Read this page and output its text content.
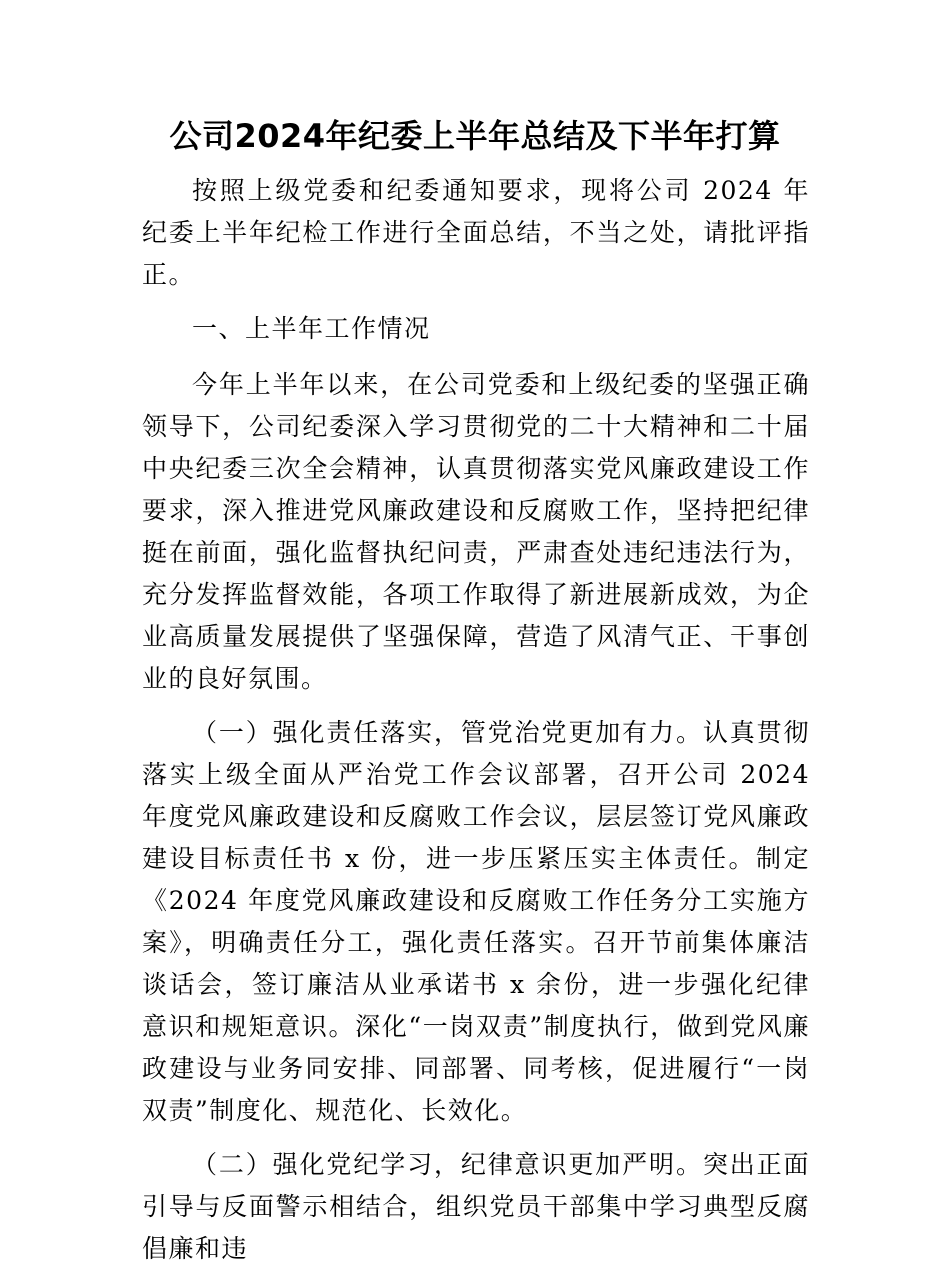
公司2024年纪委上半年总结及下半年打算

按照上级党委和纪委通知要求，现将公司 2024 年纪委上半年纪检工作进行全面总结，不当之处，请批评指正。

一、上半年工作情况

今年上半年以来，在公司党委和上级纪委的坚强正确领导下，公司纪委深入学习贯彻党的二十大精神和二十届中央纪委三次全会精神，认真贯彻落实党风廉政建设工作要求，深入推进党风廉政建设和反腐败工作，坚持把纪律挺在前面，强化监督执纪问责，严肃查处违纪违法行为，充分发挥监督效能，各项工作取得了新进展新成效，为企业高质量发展提供了坚强保障，营造了风清气正、干事创业的良好氛围。

（一）强化责任落实，管党治党更加有力。认真贯彻落实上级全面从严治党工作会议部署，召开公司 2024 年度党风廉政建设和反腐败工作会议，层层签订党风廉政建设目标责任书 x 份，进一步压紧压实主体责任。制定《2024 年度党风廉政建设和反腐败工作任务分工实施方案》，明确责任分工，强化责任落实。召开节前集体廉洁谈话会，签订廉洁从业承诺书 x 余份，进一步强化纪律意识和规矩意识。深化“一岗双责”制度执行，做到党风廉政建设与业务同安排、同部署、同考核，促进履行“一岗双责”制度化、规范化、长效化。

（二）强化党纪学习，纪律意识更加严明。突出正面引导与反面警示相结合，组织党员干部集中学习典型反腐倡廉和违
